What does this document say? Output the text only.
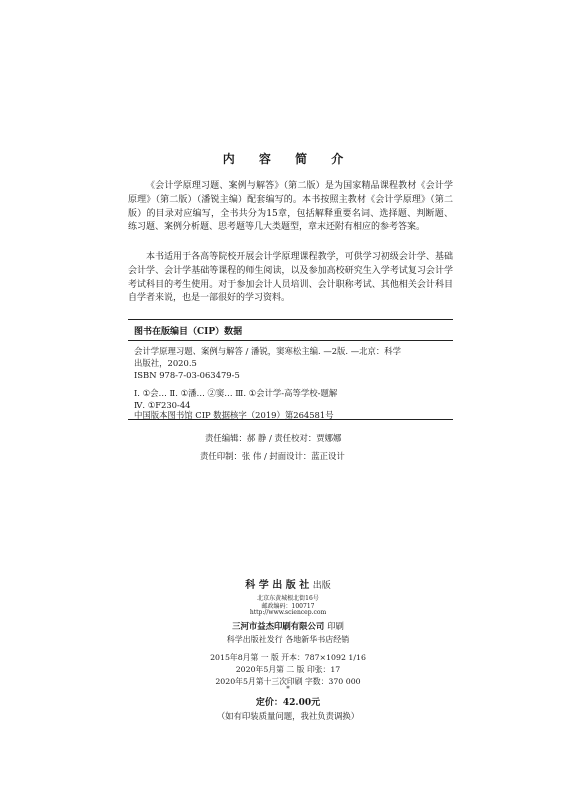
内 容 简 介

《会计学原理习题、案例与解答》（第二版）是为国家精品课程教材《会计学原理》（第二版）（潘锐主编）配套编写的。本书按照主教材《会计学原理》（第二版）的目录对应编写，全书共分为15章，包括解释重要名词、选择题、判断题、练习题、案例分析题、思考题等几大类题型，章末还附有相应的参考答案。

本书适用于各高等院校开展会计学原理课程教学，可供学习初级会计学、基础会计学、会计学基础等课程的师生阅读，以及参加高校研究生入学考试复习会计学考试科目的考生使用。对于参加会计人员培训、会计职称考试、其他相关会计科目自学者来说，也是一部很好的学习资料。

图书在版编目（CIP）数据

会计学原理习题、案例与解答 / 潘锐，窦寒松主编. —2版. —北京：科学

出版社，2020.5

ISBN 978-7-03-063479-5

Ⅰ. ①会… Ⅱ. ①潘… ②窦… Ⅲ. ①会计学-高等学校-题解

Ⅳ. ①F230-44

中国版本图书馆 CIP 数据核字（2019）第264581号

责任编辑：郝 静 / 责任校对：贾娜娜
责任印制：张 伟 / 封面设计：蓝正设计
科 学 出 版 社 出版
北京东黄城根北街16号
邮政编码：100717
http://www.sciencep.com
三河市益杰印刷有限公司 印刷
科学出版社发行 各地新华书店经销
2015年8月第 一 版 开本：787×1092 1/16
2020年5月第 二 版 印张：17
2020年5月第十三次印刷 字数：370 000
*
定价：42.00元
（如有印装质量问题，我社负责调换）
